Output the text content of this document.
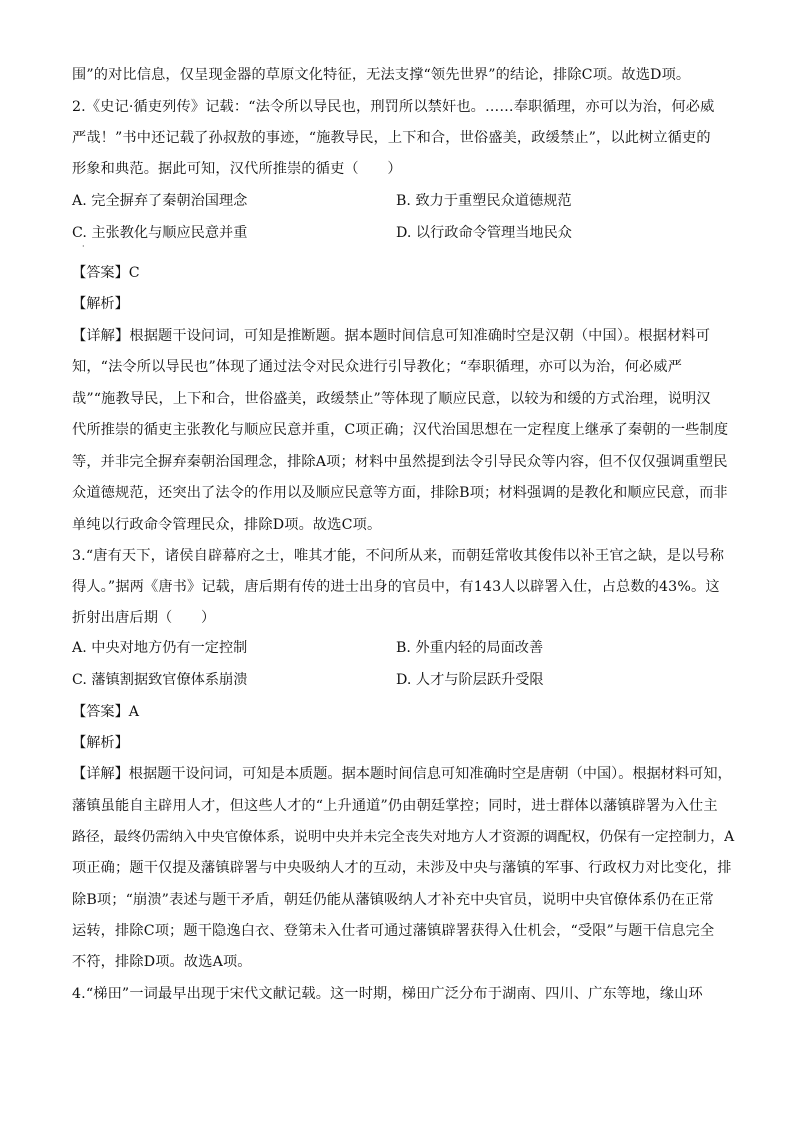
围”的对比信息，仅呈现金器的草原文化特征，无法支撑“领先世界”的结论，排除C项。故选D项。
2.《史记·循吏列传》记载：“法令所以导民也，刑罚所以禁奸也。……奉职循理，亦可以为治，何必威
严哉！”书中还记载了孙叔敖的事迹，“施教导民，上下和合，世俗盛美，政缓禁止”，以此树立循吏的
形象和典范。据此可知，汉代所推崇的循吏（　　）
A. 完全摒弃了秦朝治国理念	B. 致力于重塑民众道德规范
C. 主张教化与顺应民意并重	D. 以行政命令管理当地民众
·
【答案】C
【解析】
【详解】根据题干设问词，可知是推断题。据本题时间信息可知准确时空是汉朝（中国）。根据材料可
知，“法令所以导民也”体现了通过法令对民众进行引导教化；“奉职循理，亦可以为治，何必威严
哉”“施教导民，上下和合，世俗盛美，政缓禁止”等体现了顺应民意，以较为和缓的方式治理，说明汉
代所推崇的循吏主张教化与顺应民意并重，C项正确；汉代治国思想在一定程度上继承了秦朝的一些制度
等，并非完全摒弃秦朝治国理念，排除A项；材料中虽然提到法令引导民众等内容，但不仅仅强调重塑民
众道德规范，还突出了法令的作用以及顺应民意等方面，排除B项；材料强调的是教化和顺应民意，而非
单纯以行政命令管理民众，排除D项。故选C项。
3.“唐有天下，诸侯自辟幕府之士，唯其才能，不问所从来，而朝廷常收其俊伟以补王官之缺，是以号称
得人。”据两《唐书》记载，唐后期有传的进士出身的官员中，有143人以辟署入仕，占总数的43%。这
折射出唐后期（　　）
A. 中央对地方仍有一定控制	B. 外重内轻的局面改善
C. 藩镇割据致官僚体系崩溃	D. 人才与阶层跃升受限
【答案】A
【解析】
【详解】根据题干设问词，可知是本质题。据本题时间信息可知准确时空是唐朝（中国）。根据材料可知，
藩镇虽能自主辟用人才，但这些人才的“上升通道”仍由朝廷掌控；同时，进士群体以藩镇辟署为入仕主
路径，最终仍需纳入中央官僚体系，说明中央并未完全丧失对地方人才资源的调配权，仍保有一定控制力，A
项正确；题干仅提及藩镇辟署与中央吸纳人才的互动，未涉及中央与藩镇的军事、行政权力对比变化，排
除B项；“崩溃”表述与题干矛盾，朝廷仍能从藩镇吸纳人才补充中央官员，说明中央官僚体系仍在正常
运转，排除C项；题干隐逸白衣、登第未入仕者可通过藩镇辟署获得入仕机会，“受限”与题干信息完全
不符，排除D项。故选A项。
4.“梯田”一词最早出现于宋代文献记载。这一时期，梯田广泛分布于湖南、四川、广东等地，缘山环
